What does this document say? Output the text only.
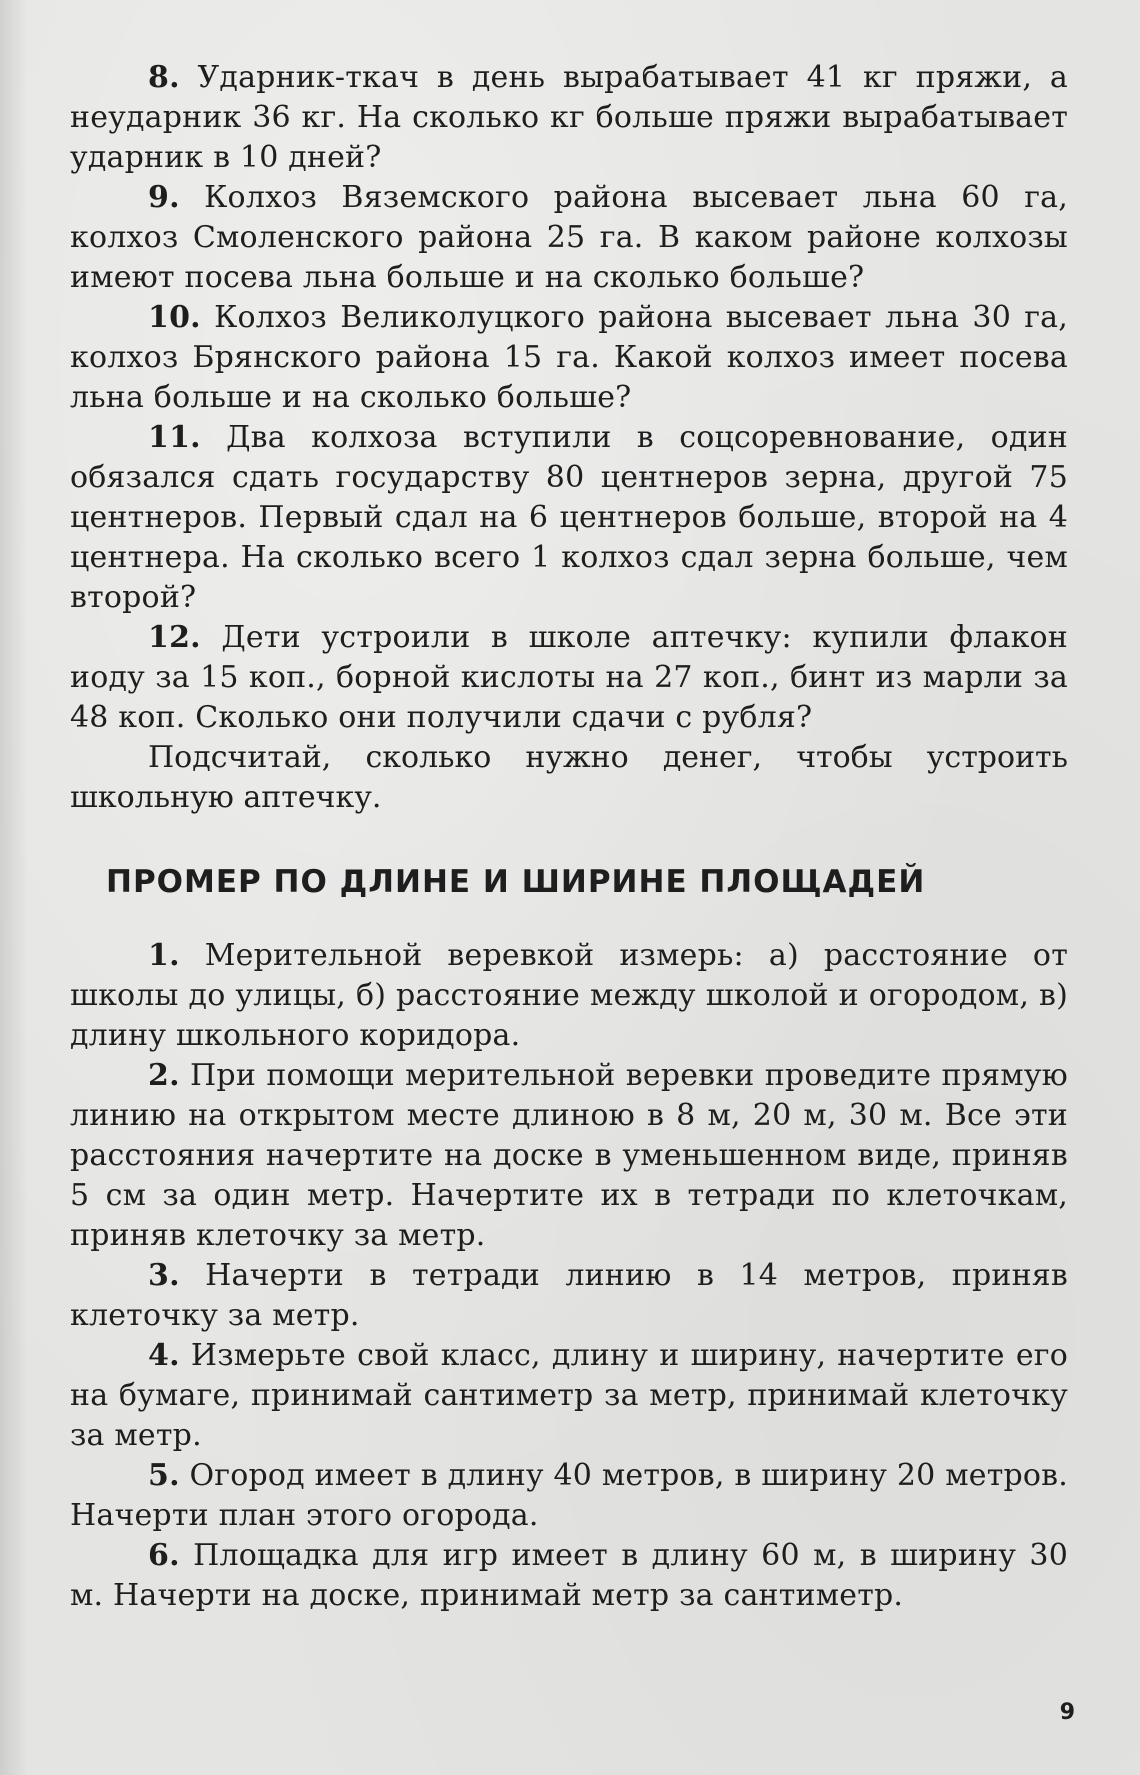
8. Ударник-ткач в день вырабатывает 41 кг пряжи, а неударник 36 кг. На сколько кг больше пряжи вырабатывает ударник в 10 дней?

9. Колхоз Вяземского района высевает льна 60 га, колхоз Смоленского района 25 га. В каком районе колхозы имеют посева льна больше и на сколько больше?

10. Колхоз Великолуцкого района высевает льна 30 га, колхоз Брянского района 15 га. Какой колхоз имеет посева льна больше и на сколько больше?

11. Два колхоза вступили в соцсоревнование, один обязался сдать государству 80 центнеров зерна, другой 75 центнеров. Первый сдал на 6 центнеров больше, второй на 4 центнера. На сколько всего 1 колхоз сдал зерна больше, чем второй?

12. Дети устроили в школе аптечку: купили флакон иоду за 15 коп., борной кислоты на 27 коп., бинт из марли за 48 коп. Сколько они получили сдачи с рубля?

Подсчитай, сколько нужно денег, чтобы устроить школьную аптечку.

ПРОМЕР ПО ДЛИНЕ И ШИРИНЕ ПЛОЩАДЕЙ

1. Мерительной веревкой измерь: а) расстояние от школы до улицы, б) расстояние между школой и огородом, в) длину школьного коридора.

2. При помощи мерительной веревки проведите прямую линию на открытом месте длиною в 8 м, 20 м, 30 м. Все эти расстояния начертите на доске в уменьшенном виде, приняв 5 см за один метр. Начертите их в тетради по клеточкам, приняв клеточку за метр.

3. Начерти в тетради линию в 14 метров, приняв клеточку за метр.

4. Измерьте свой класс, длину и ширину, начертите его на бумаге, принимай сантиметр за метр, принимай клеточку за метр.

5. Огород имеет в длину 40 метров, в ширину 20 метров. Начерти план этого огорода.

6. Площадка для игр имеет в длину 60 м, в ширину 30 м. Начерти на доске, принимай метр за сантиметр.

9
